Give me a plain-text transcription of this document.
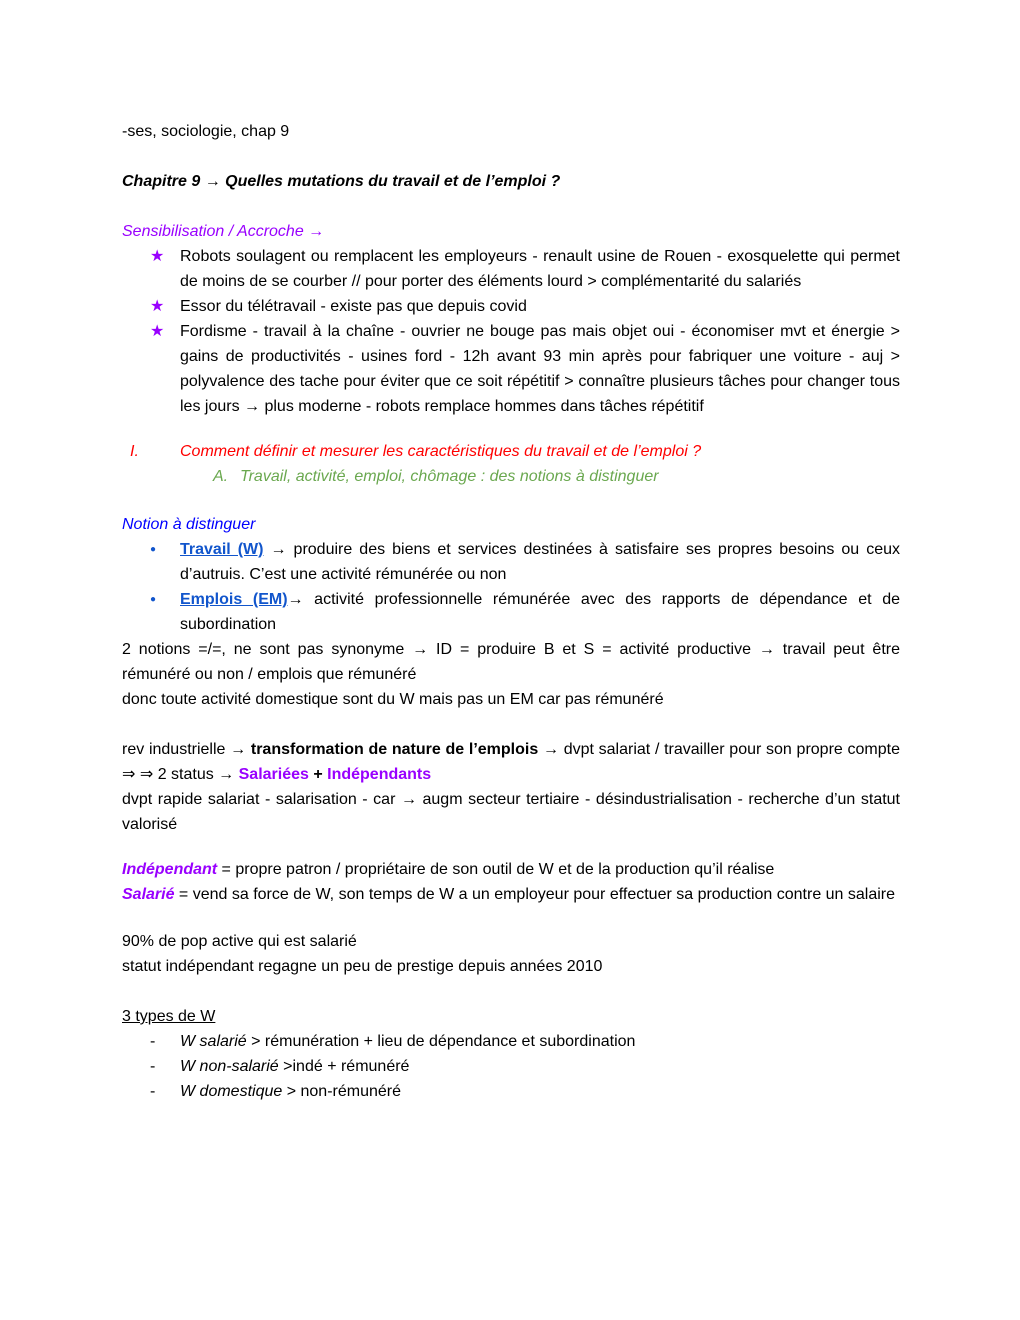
-ses, sociologie, chap 9
Chapitre 9 → Quelles mutations du travail et de l’emploi ?
Sensibilisation / Accroche →
★ Robots soulagent ou remplacent les employeurs - renault usine de Rouen - exosquelette qui permet de moins de se courber // pour porter des éléments lourd > complémentarité du salariés
★ Essor du télétravail - existe pas que depuis covid
★ Fordisme - travail à la chaîne - ouvrier ne bouge pas mais objet oui - économiser mvt et énergie > gains de productivités - usines ford - 12h avant 93 min après pour fabriquer une voiture - auj > polyvalence des tache pour éviter que ce soit répétitif > connaître plusieurs tâches pour changer tous les jours → plus moderne - robots remplace hommes dans tâches répétitif
I.	Comment définir et mesurer les caractéristiques du travail et de l’emploi ?
A. Travail, activité, emploi, chômage : des notions à distinguer
Notion à distinguer
● Travail (W) → produire des biens et services destinées à satisfaire ses propres besoins ou ceux d’autruis. C’est une activité rémunérée ou non
● Emplois (EM)→ activité professionnelle rémunérée avec des rapports de dépendance et de subordination
2 notions =/=, ne sont pas synonyme → ID = produire B et S = activité productive → travail peut être rémunéré ou non / emplois que rémunéré
donc toute activité domestique sont du W mais pas un EM car pas rémunéré
rev industrielle → transformation de nature de l’emplois → dvpt salariat / travailler pour son propre compte ⇒ ⇒ 2 status → Salariées + Indépendants
dvpt rapide salariat - salarisation - car → augm secteur tertiaire - désindustrialisation - recherche d’un statut valorisé
Indépendant = propre patron / propriétaire de son outil de W et de la production qu’il réalise
Salarié = vend sa force de W, son temps de W a un employeur pour effectuer sa production contre un salaire
90% de pop active qui est salarié
statut indépendant regagne un peu de prestige depuis années 2010
3 types de W
- W salarié > rémunération + lieu de dépendance et subordination
- W non-salarié >indé + rémunéré
- W domestique > non-rémunéré
